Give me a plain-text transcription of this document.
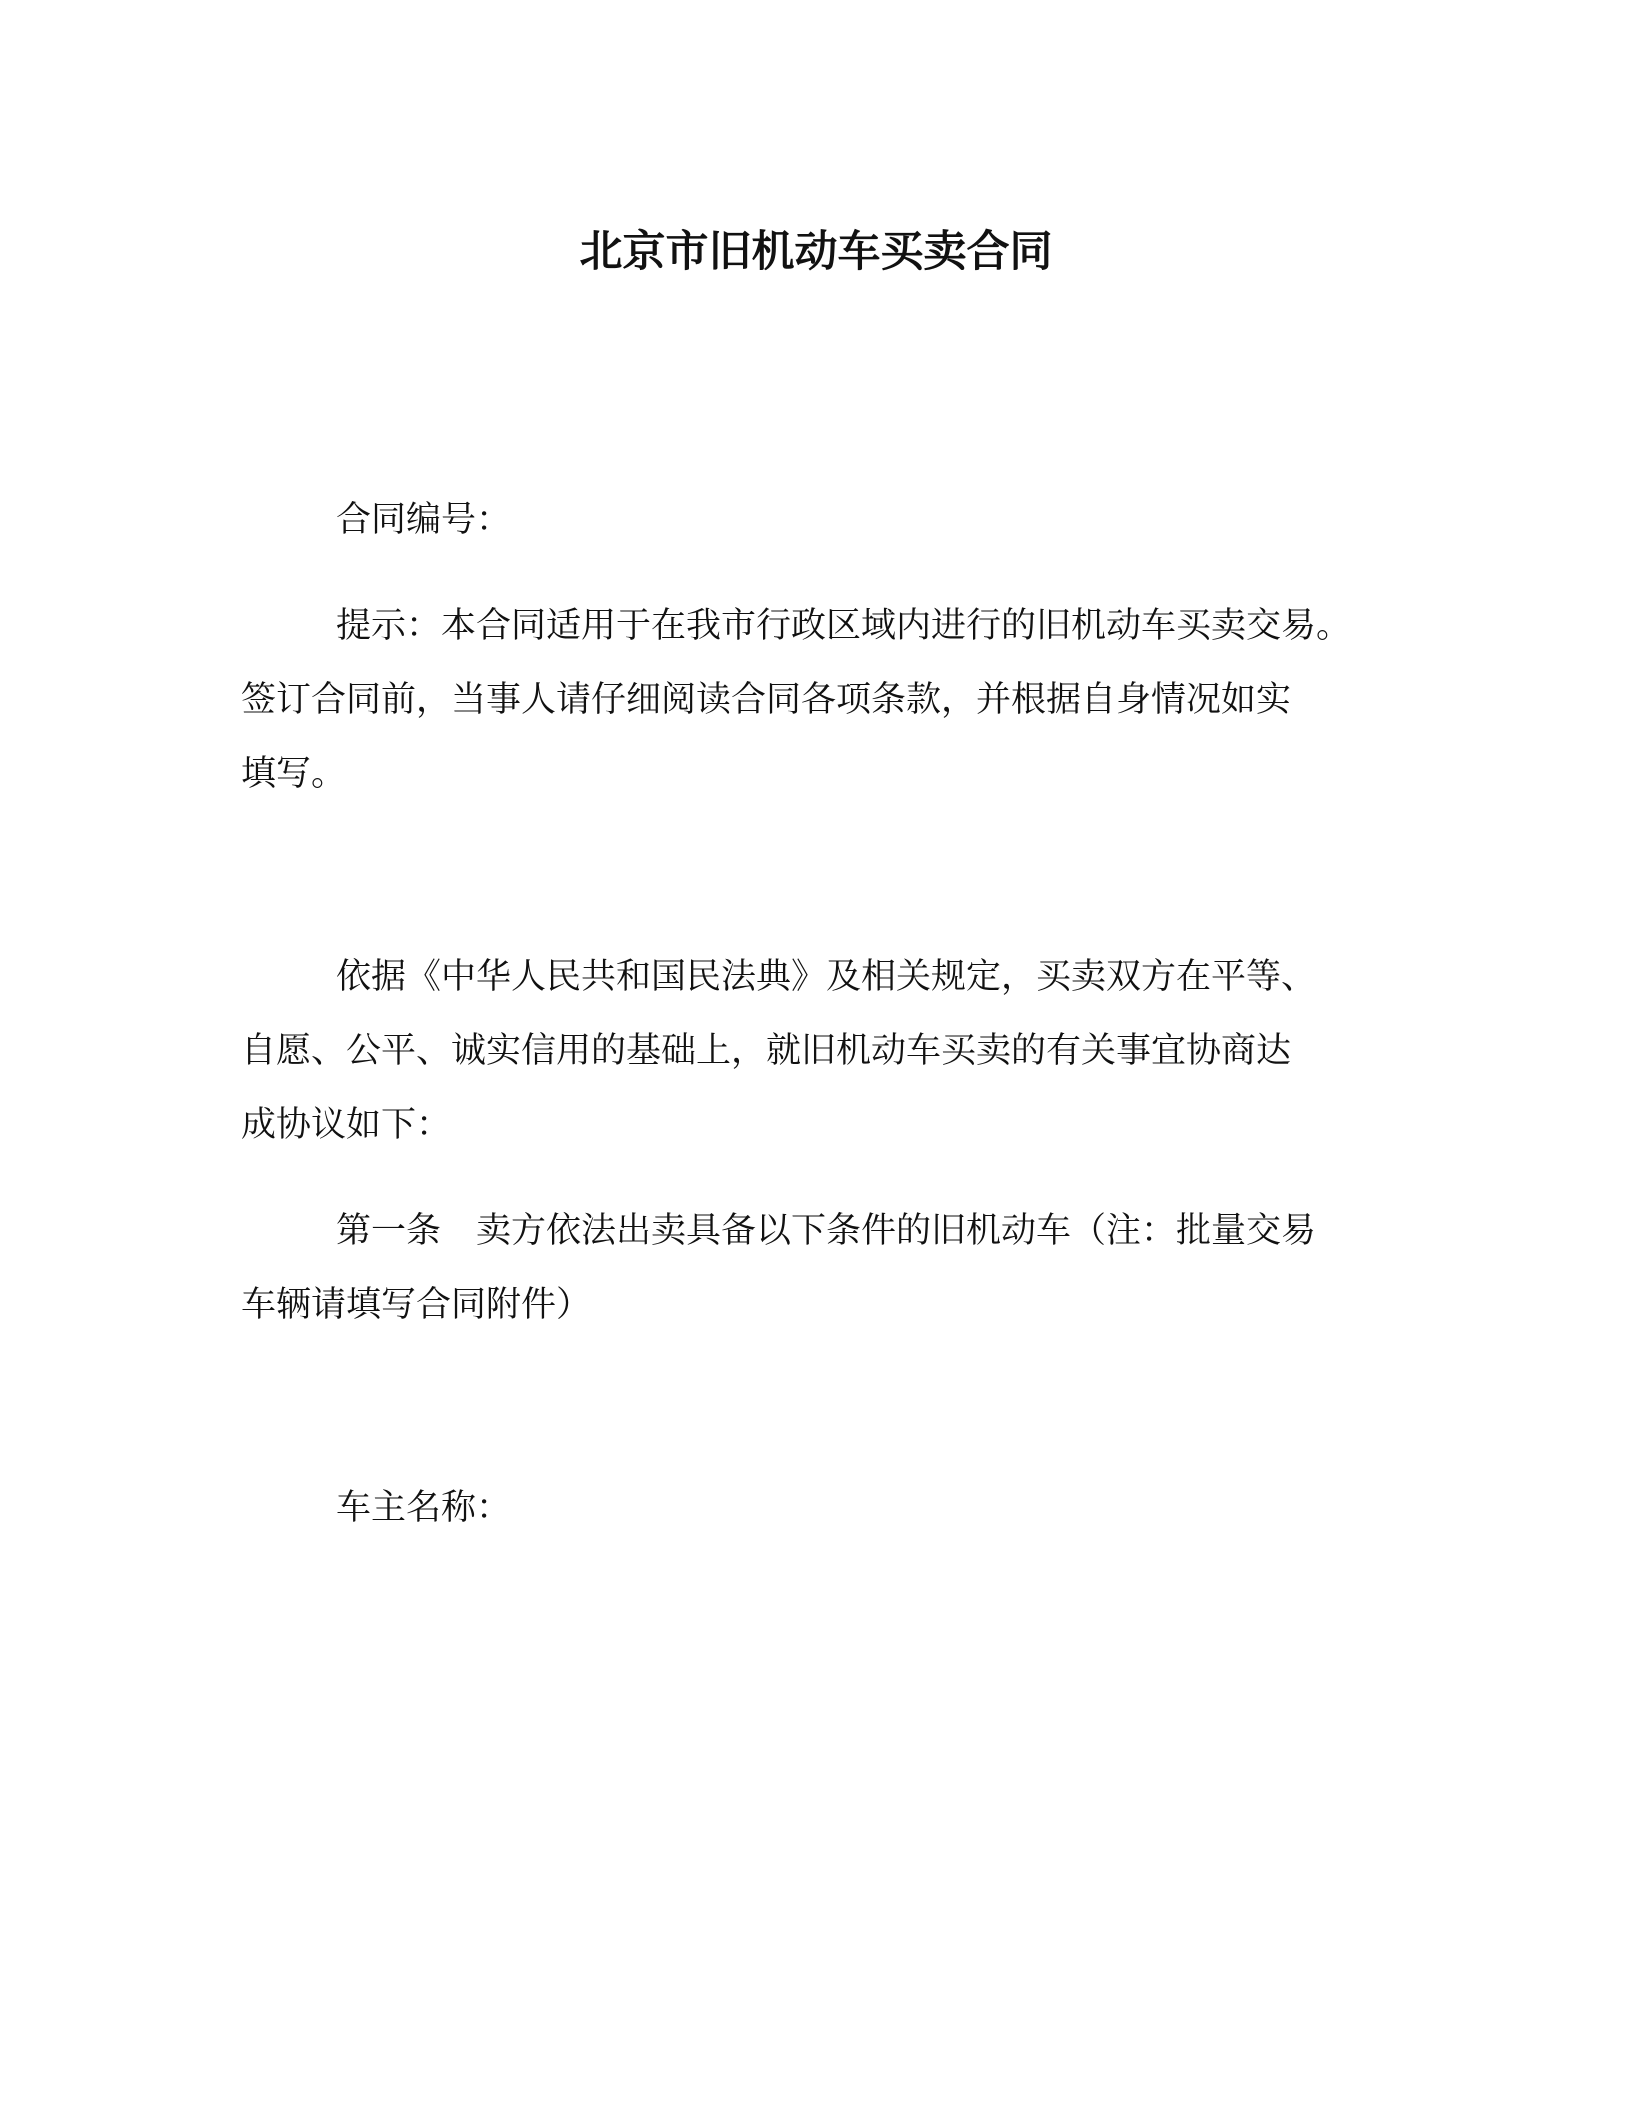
北京市旧机动车买卖合同
合同编号：
提示：本合同适用于在我市行政区域内进行的旧机动车买卖交易。
签订合同前，当事人请仔细阅读合同各项条款，并根据自身情况如实
填写。
依据《中华人民共和国民法典》及相关规定，买卖双方在平等、
自愿、公平、诚实信用的基础上，就旧机动车买卖的有关事宜协商达
成协议如下：
第一条　卖方依法出卖具备以下条件的旧机动车（注：批量交易
车辆请填写合同附件）
车主名称：
